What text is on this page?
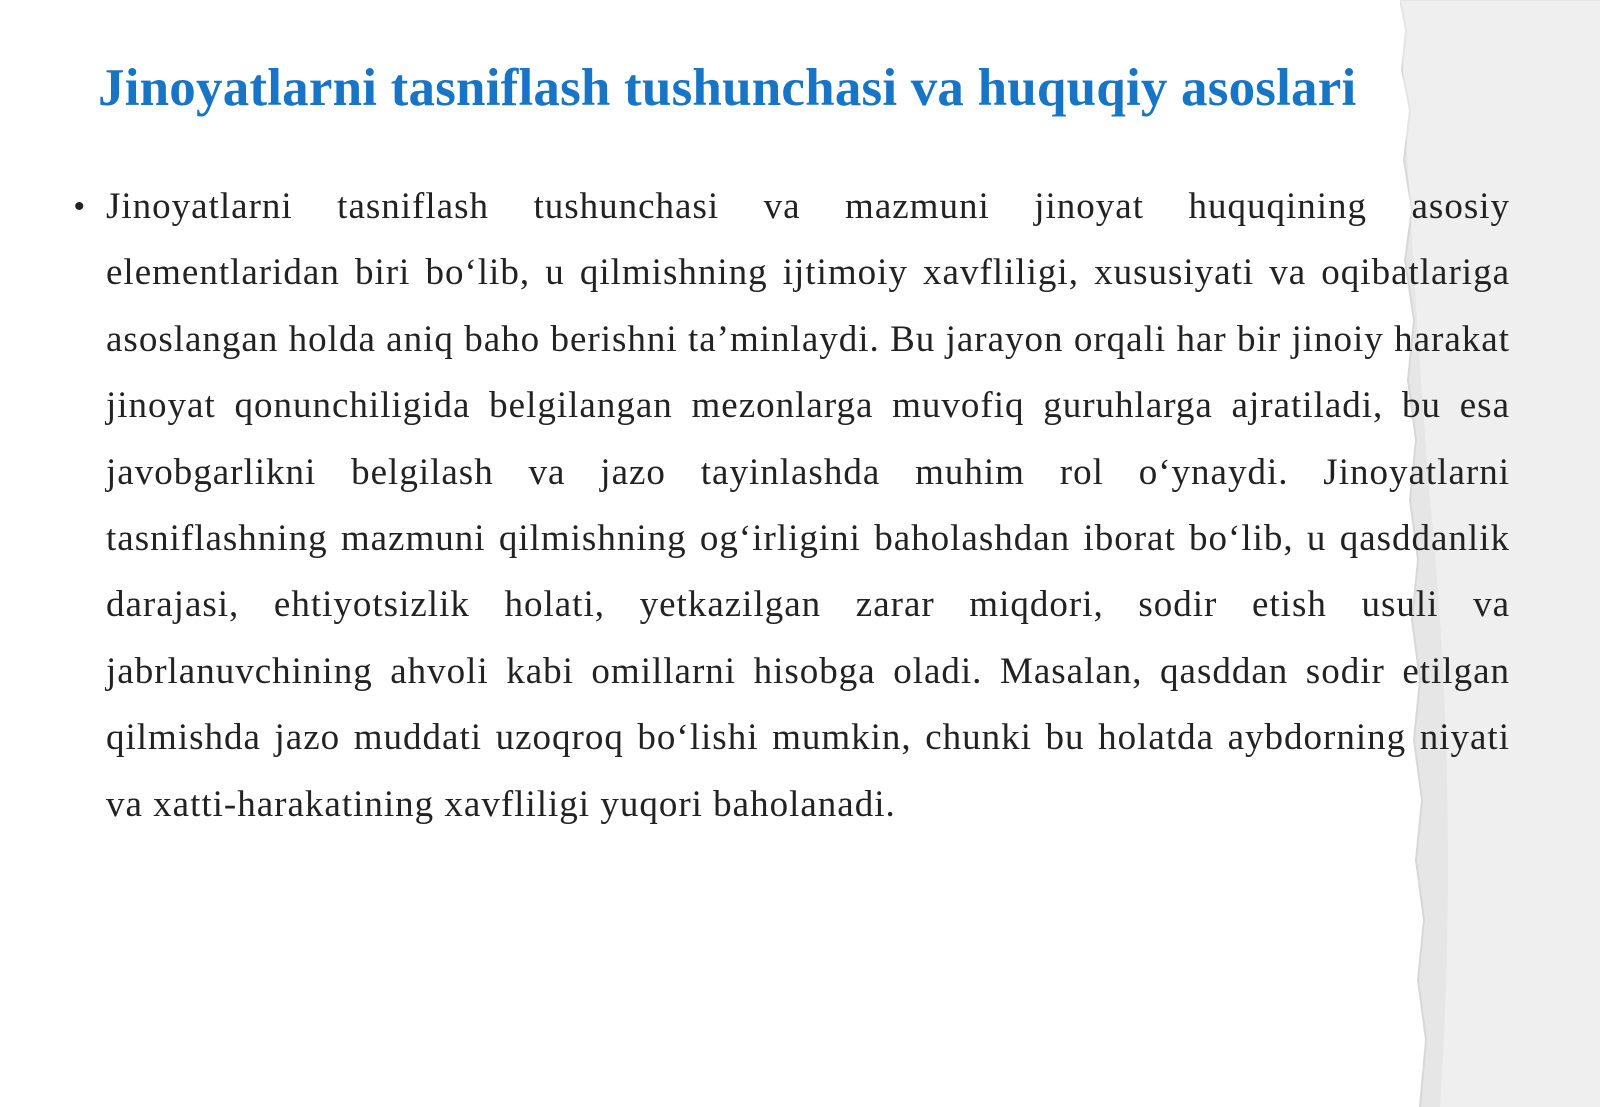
Jinoyatlarni tasniflash tushunchasi va huquqiy asoslari
• Jinoyatlarni tasniflash tushunchasi va mazmuni jinoyat huquqining asosiy elementlaridan biri bo‘lib, u qilmishning ijtimoiy xavfliligi, xususiyati va oqibatlariga asoslangan holda aniq baho berishni ta’minlaydi. Bu jarayon orqali har bir jinoiy harakat jinoyat qonunchiligida belgilangan mezonlarga muvofiq guruhlarga ajratiladi, bu esa javobgarlikni belgilash va jazo tayinlashda muhim rol o‘ynaydi. Jinoyatlarni tasniflashning mazmuni qilmishning og‘irligini baholashdan iborat bo‘lib, u qasddanlik darajasi, ehtiyotsizlik holati, yetkazilgan zarar miqdori, sodir etish usuli va jabrlanuvchining ahvoli kabi omillarni hisobga oladi. Masalan, qasddan sodir etilgan qilmishda jazo muddati uzoqroq bo‘lishi mumkin, chunki bu holatda aybdorning niyati va xatti-harakatining xavfliligi yuqori baholanadi.
